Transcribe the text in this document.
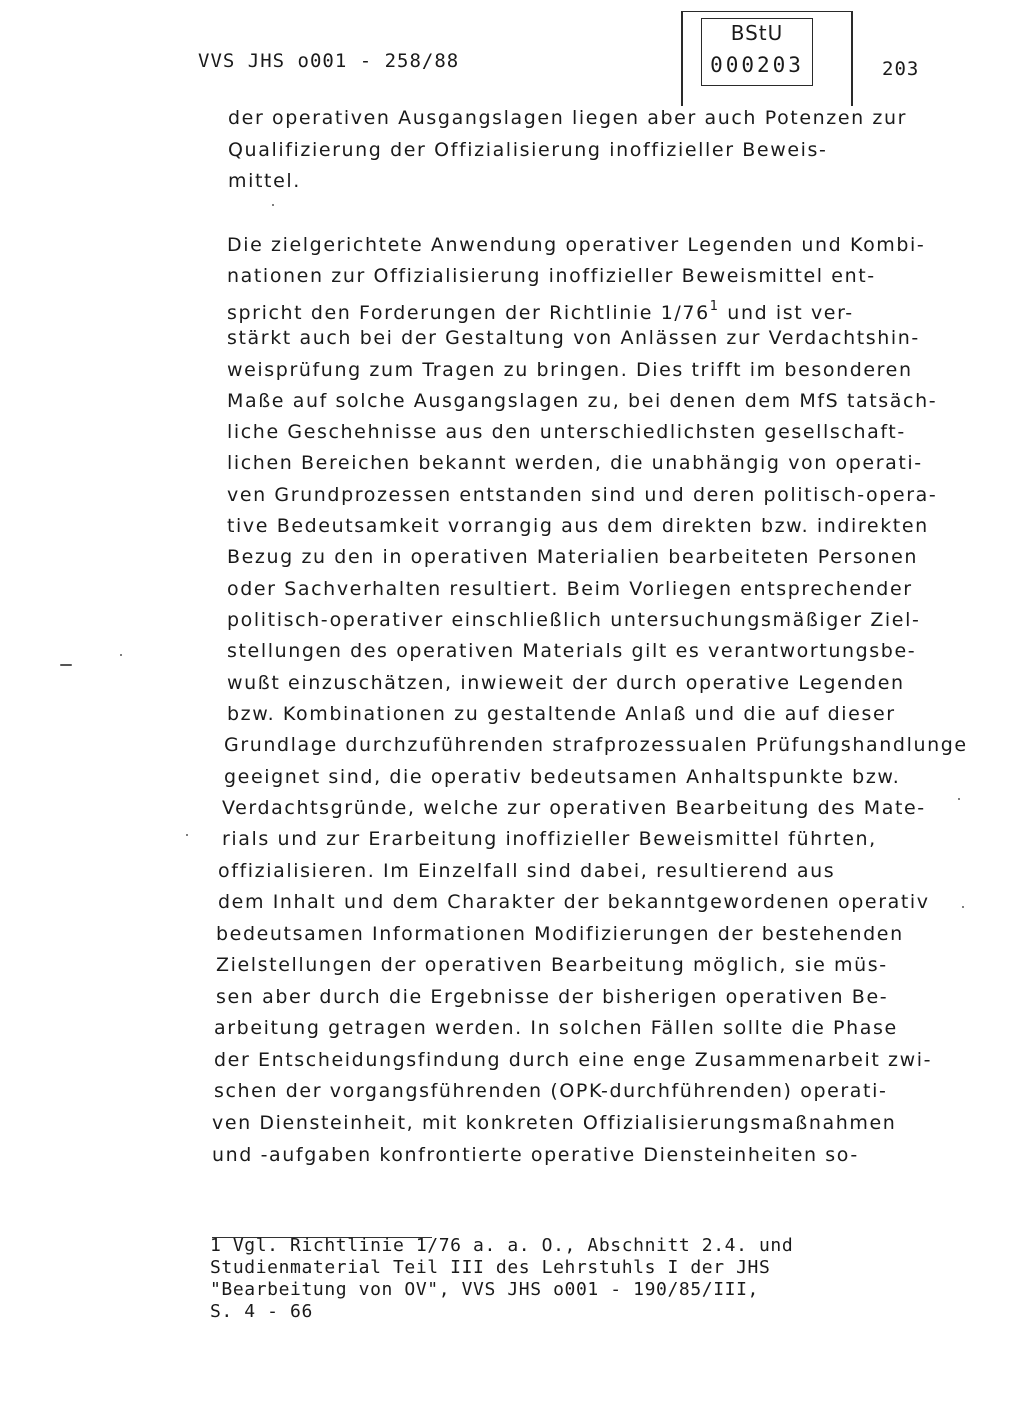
VVS JHS o001 - 258/88
BStU
000203	203
der operativen Ausgangslagen liegen aber auch Potenzen zur
Qualifizierung der Offizialisierung inoffizieller Beweis-
mittel.
Die zielgerichtete Anwendung operativer Legenden und Kombi-
nationen zur Offizialisierung inoffizieller Beweismittel ent-
spricht den Forderungen der Richtlinie $1/76^1$ und ist ver-
stärkt auch bei der Gestaltung von Anlässen zur Verdachtshin-
weisprüfung zum Tragen zu bringen. Dies trifft im besonderen
Maße auf solche Ausgangslagen zu, bei denen dem MfS tatsäch-
liche Geschehnisse aus den unterschiedlichsten gesellschaft-
lichen Bereichen bekannt werden, die unabhängig von operati-
ven Grundprozessen entstanden sind und deren politisch-opera-
tive Bedeutsamkeit vorrangig aus dem direkten bzw. indirekten
Bezug zu den in operativen Materialien bearbeiteten Personen
oder Sachverhalten resultiert. Beim Vorliegen entsprechender
politisch-operativer einschließlich untersuchungsmäßiger Ziel-
stellungen des operativen Materials gilt es verantwortungsbe-
wußt einzuschätzen, inwieweit der durch operative Legenden
bzw. Kombinationen zu gestaltende Anlaß und die auf dieser
Grundlage durchzuführenden strafprozessualen Prüfungshandlunge
geeignet sind, die operativ bedeutsamen Anhaltspunkte bzw.
Verdachtsgründe, welche zur operativen Bearbeitung des Mate-
rials und zur Erarbeitung inoffizieller Beweismittel führten,
offizialisieren. Im Einzelfall sind dabei, resultierend aus
dem Inhalt und dem Charakter der bekanntgewordenen operativ
bedeutsamen Informationen Modifizierungen der bestehenden
Zielstellungen der operativen Bearbeitung möglich, sie müs-
sen aber durch die Ergebnisse der bisherigen operativen Be-
arbeitung getragen werden. In solchen Fällen sollte die Phase
der Entscheidungsfindung durch eine enge Zusammenarbeit zwi-
schen der vorgangsführenden (OPK-durchführenden) operati-
ven Diensteinheit, mit konkreten Offizialisierungsmaßnahmen
und -aufgaben konfrontierte operative Diensteinheiten so-
1 Vgl. Richtlinie 1/76 a. a. O., Abschnitt 2.4. und
Studienmaterial Teil III des Lehrstuhls I der JHS
"Bearbeitung von OV", VVS JHS o001 - 190/85/III,
S. 4 - 66
